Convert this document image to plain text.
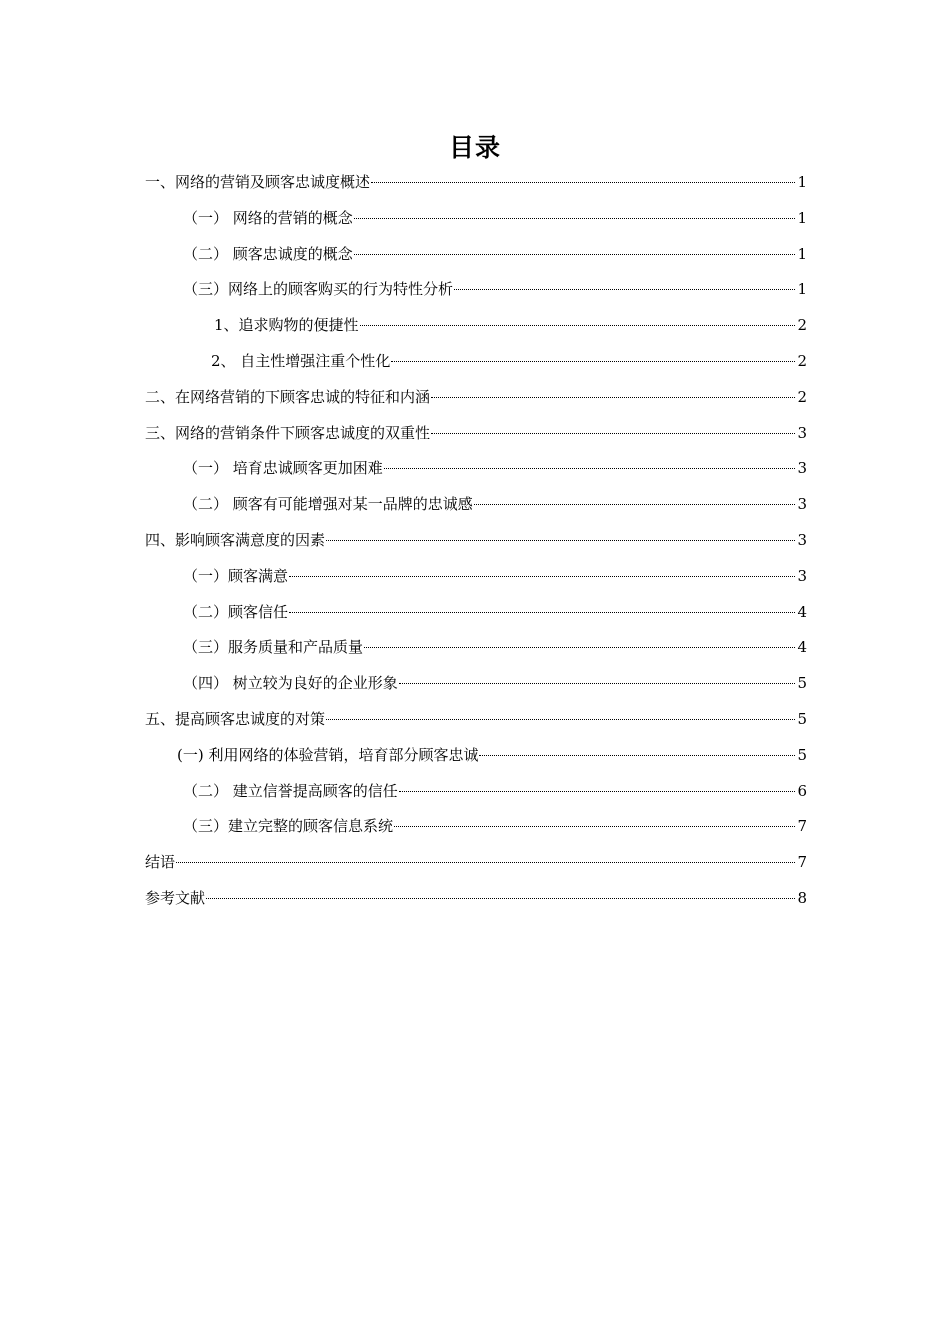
目录
一、网络的营销及顾客忠诚度概述	1
（一） 网络的营销的概念	1
（二） 顾客忠诚度的概念	1
（三）网络上的顾客购买的行为特性分析	1
1、追求购物的便捷性	2
2、 自主性增强注重个性化	2
二、在网络营销的下顾客忠诚的特征和内涵	2
三、网络的营销条件下顾客忠诚度的双重性	3
（一） 培育忠诚顾客更加困难	3
（二） 顾客有可能增强对某一品牌的忠诚感	3
四、影响顾客满意度的因素	3
（一）顾客满意	3
（二）顾客信任	4
（三）服务质量和产品质量	4
（四） 树立较为良好的企业形象	5
五、提高顾客忠诚度的对策	5
(一) 利用网络的体验营销，培育部分顾客忠诚	5
（二） 建立信誉提高顾客的信任	6
（三）建立完整的顾客信息系统	7
结语	7
参考文献	8
